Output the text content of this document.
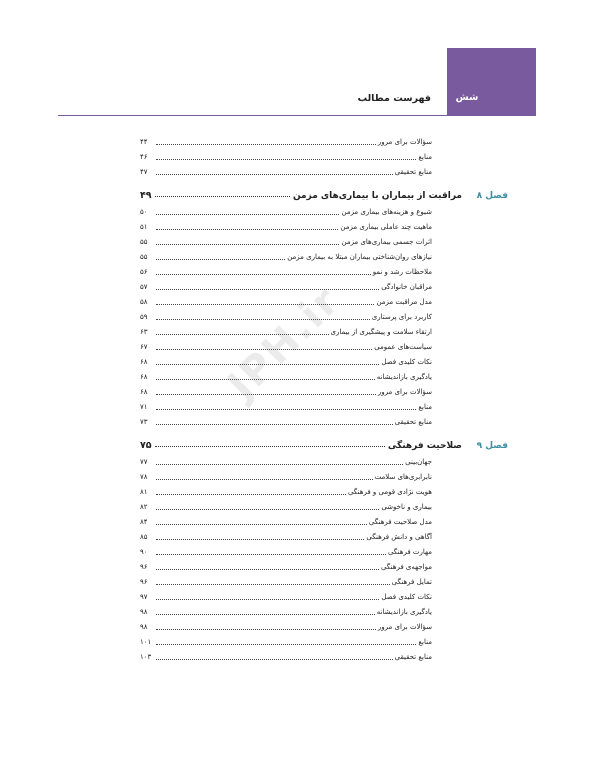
شش
فهرست مطالب
JPH.ir
سؤالات برای مرور
۴۴
منابع
۴۶
منابع تحقیقی
۴۷
فصل ۸
مراقبت از بیماران با بیماری‌های مزمن
۴۹
شیوع و هزینه‌های بیماری مزمن
۵۰
ماهیت چند عاملی بیماری مزمن
۵۱
اثرات جسمی بیماری‌های مزمن
۵۵
نیازهای روان‌شناختی بیماران مبتلا به بیماری مزمن
۵۵
ملاحظات رشد و نمو
۵۶
مراقبان خانوادگی
۵۷
مدل مراقبت مزمن
۵۸
کاربرد برای پرستاری
۵۹
ارتقاء سلامت و پیشگیری از بیماری
۶۳
سیاست‌های عمومی
۶۷
نکات کلیدی فصل
۶۸
یادگیری بازاندیشانه
۶۸
سؤالات برای مرور
۶۸
منابع
۷۱
منابع تحقیقی
۷۳
فصل ۹
صلاحیت فرهنگی
۷۵
جهان‌بینی
۷۷
نابرابری‌های سلامت
۷۸
هویت نژادی قومی و فرهنگی
۸۱
بیماری و ناخوشی
۸۲
مدل صلاحیت فرهنگی
۸۴
آگاهی و دانش فرهنگی
۸۵
مهارت فرهنگی
۹۰
مواجهه‌ی فرهنگی
۹۶
تمایل فرهنگی
۹۶
نکات کلیدی فصل
۹۷
یادگیری بازاندیشانه
۹۸
سؤالات برای مرور
۹۸
منابع
۱۰۱
منابع تحقیقی
۱۰۳
